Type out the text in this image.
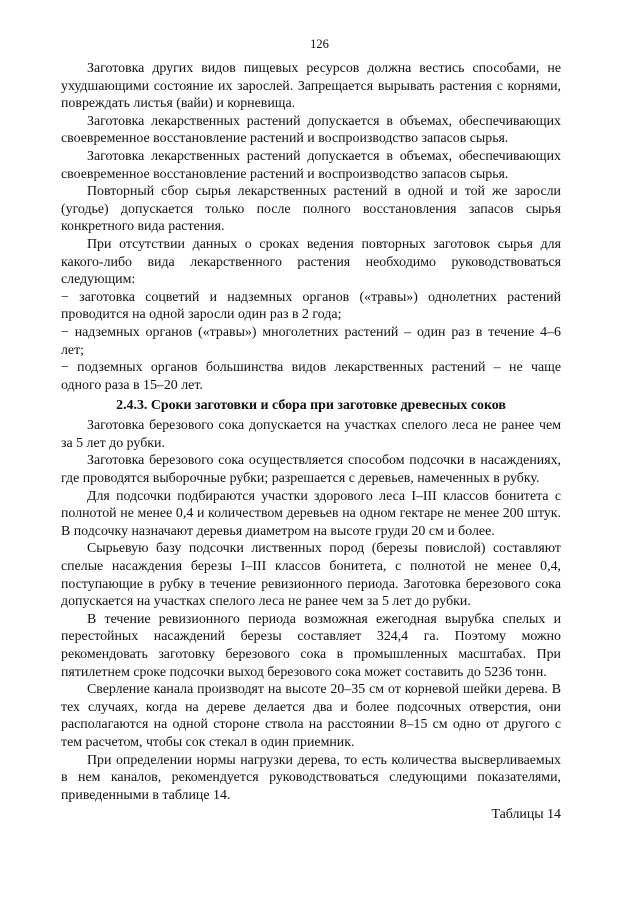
126

Заготовка других видов пищевых ресурсов должна вестись способами, не ухудшающими состояние их зарослей. Запрещается вырывать растения с корнями, повреждать листья (вайи) и корневища.

Заготовка лекарственных растений допускается в объемах, обеспечивающих своевременное восстановление растений и воспроизводство запасов сырья.

Заготовка лекарственных растений допускается в объемах, обеспечивающих своевременное восстановление растений и воспроизводство запасов сырья.

Повторный сбор сырья лекарственных растений в одной и той же заросли (угодье) допускается только после полного восстановления запасов сырья конкретного вида растения.

При отсутствии данных о сроках ведения повторных заготовок сырья для какого-либо вида лекарственного растения необходимо руководствоваться следующим:

− заготовка соцветий и надземных органов («травы») однолетних растений проводится на одной заросли один раз в 2 года;

− надземных органов («травы») многолетних растений – один раз в течение 4–6 лет;

− подземных органов большинства видов лекарственных растений – не чаще одного раза в 15–20 лет.

2.4.3. Сроки заготовки и сбора при заготовке древесных соков

Заготовка березового сока допускается на участках спелого леса не ранее чем за 5 лет до рубки.

Заготовка березового сока осуществляется способом подсочки в насаждениях, где проводятся выборочные рубки; разрешается с деревьев, намеченных в рубку.

Для подсочки подбираются участки здорового леса I–III классов бонитета с полнотой не менее 0,4 и количеством деревьев на одном гектаре не менее 200 штук. В подсочку назначают деревья диаметром на высоте груди 20 см и более.

Сырьевую базу подсочки лиственных пород (березы повислой) составляют спелые насаждения березы I–III классов бонитета, с полнотой не менее 0,4, поступающие в рубку в течение ревизионного периода. Заготовка березового сока допускается на участках спелого леса не ранее чем за 5 лет до рубки.

В течение ревизионного периода возможная ежегодная вырубка спелых и перестойных насаждений березы составляет 324,4 га. Поэтому можно рекомендовать заготовку березового сока в промышленных масштабах. При пятилетнем сроке подсочки выход березового сока может составить до 5236 тонн.

Сверление канала производят на высоте 20–35 см от корневой шейки дерева. В тех случаях, когда на дереве делается два и более подсочных отверстия, они располагаются на одной стороне ствола на расстоянии 8–15 см одно от другого с тем расчетом, чтобы сок стекал в один приемник.

При определении нормы нагрузки дерева, то есть количества высверливаемых в нем каналов, рекомендуется руководствоваться следующими показателями, приведенными в таблице 14.

Таблицы 14
